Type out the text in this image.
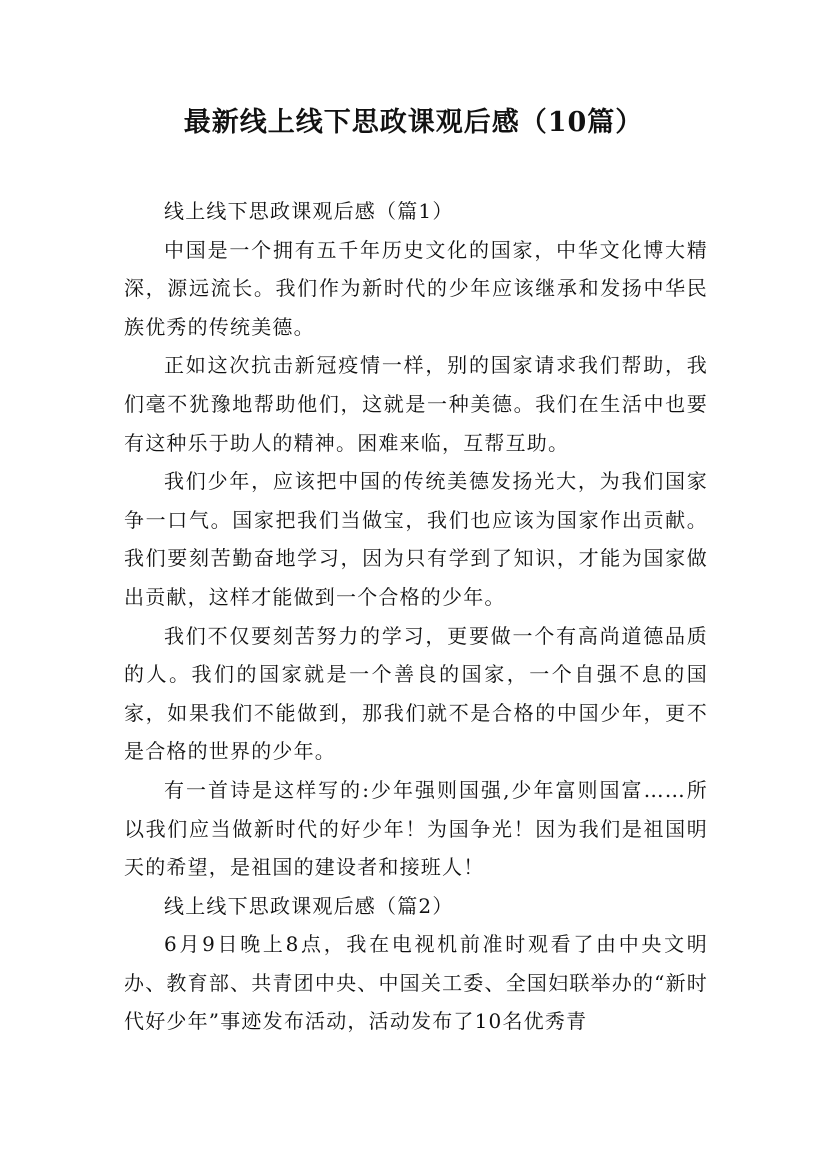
最新线上线下思政课观后感（10篇）

线上线下思政课观后感（篇1）

中国是一个拥有五千年历史文化的国家，中华文化博大精深，源远流长。我们作为新时代的少年应该继承和发扬中华民族优秀的传统美德。

正如这次抗击新冠疫情一样，别的国家请求我们帮助，我们毫不犹豫地帮助他们，这就是一种美德。我们在生活中也要有这种乐于助人的精神。困难来临，互帮互助。

我们少年，应该把中国的传统美德发扬光大，为我们国家争一口气。国家把我们当做宝，我们也应该为国家作出贡献。我们要刻苦勤奋地学习，因为只有学到了知识，才能为国家做出贡献，这样才能做到一个合格的少年。

我们不仅要刻苦努力的学习，更要做一个有高尚道德品质的人。我们的国家就是一个善良的国家，一个自强不息的国家，如果我们不能做到，那我们就不是合格的中国少年，更不是合格的世界的少年。

有一首诗是这样写的:少年强则国强,少年富则国富……所以我们应当做新时代的好少年！为国争光！因为我们是祖国明天的希望，是祖国的建设者和接班人！

线上线下思政课观后感（篇2）

6月9日晚上8点，我在电视机前准时观看了由中央文明办、教育部、共青团中央、中国关工委、全国妇联举办的“新时代好少年”事迹发布活动，活动发布了10名优秀青
